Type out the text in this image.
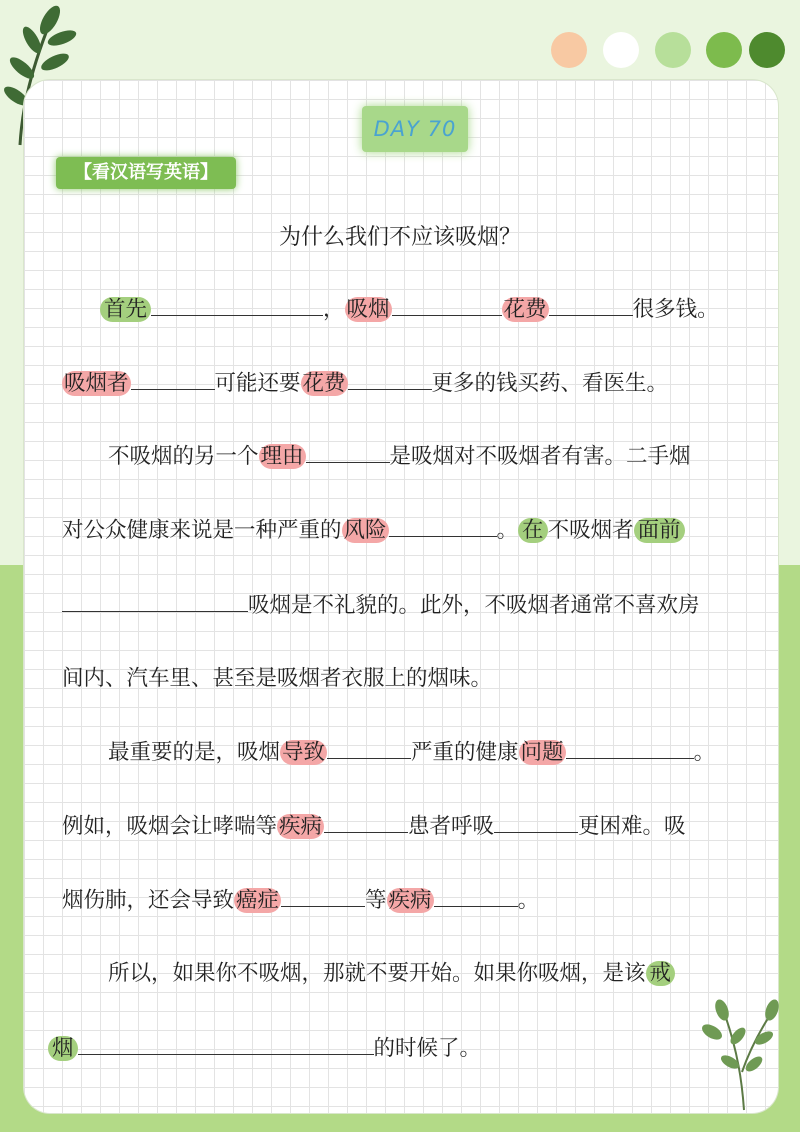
DAY 70
【看汉语写英语】
为什么我们不应该吸烟？
首先	，吸烟	花费	很多钱。
吸烟者	可能还要花费	更多的钱买药、看医生。
不吸烟的另一个理由	是吸烟对不吸烟者有害。二手烟
对公众健康来说是一种严重的风险	。 在 不吸烟者 面前
吸烟是不礼貌的。此外，不吸烟者通常不喜欢房
间内、汽车里、甚至是吸烟者衣服上的烟味。
最重要的是，吸烟导致	严重的健康问题	。
例如，吸烟会让哮喘等疾病	患者呼吸	更困难。吸
烟伤肺，还会导致癌症	等疾病	。
所以，如果你不吸烟，那就不要开始。如果你吸烟，是该 戒
烟	的时候了。
